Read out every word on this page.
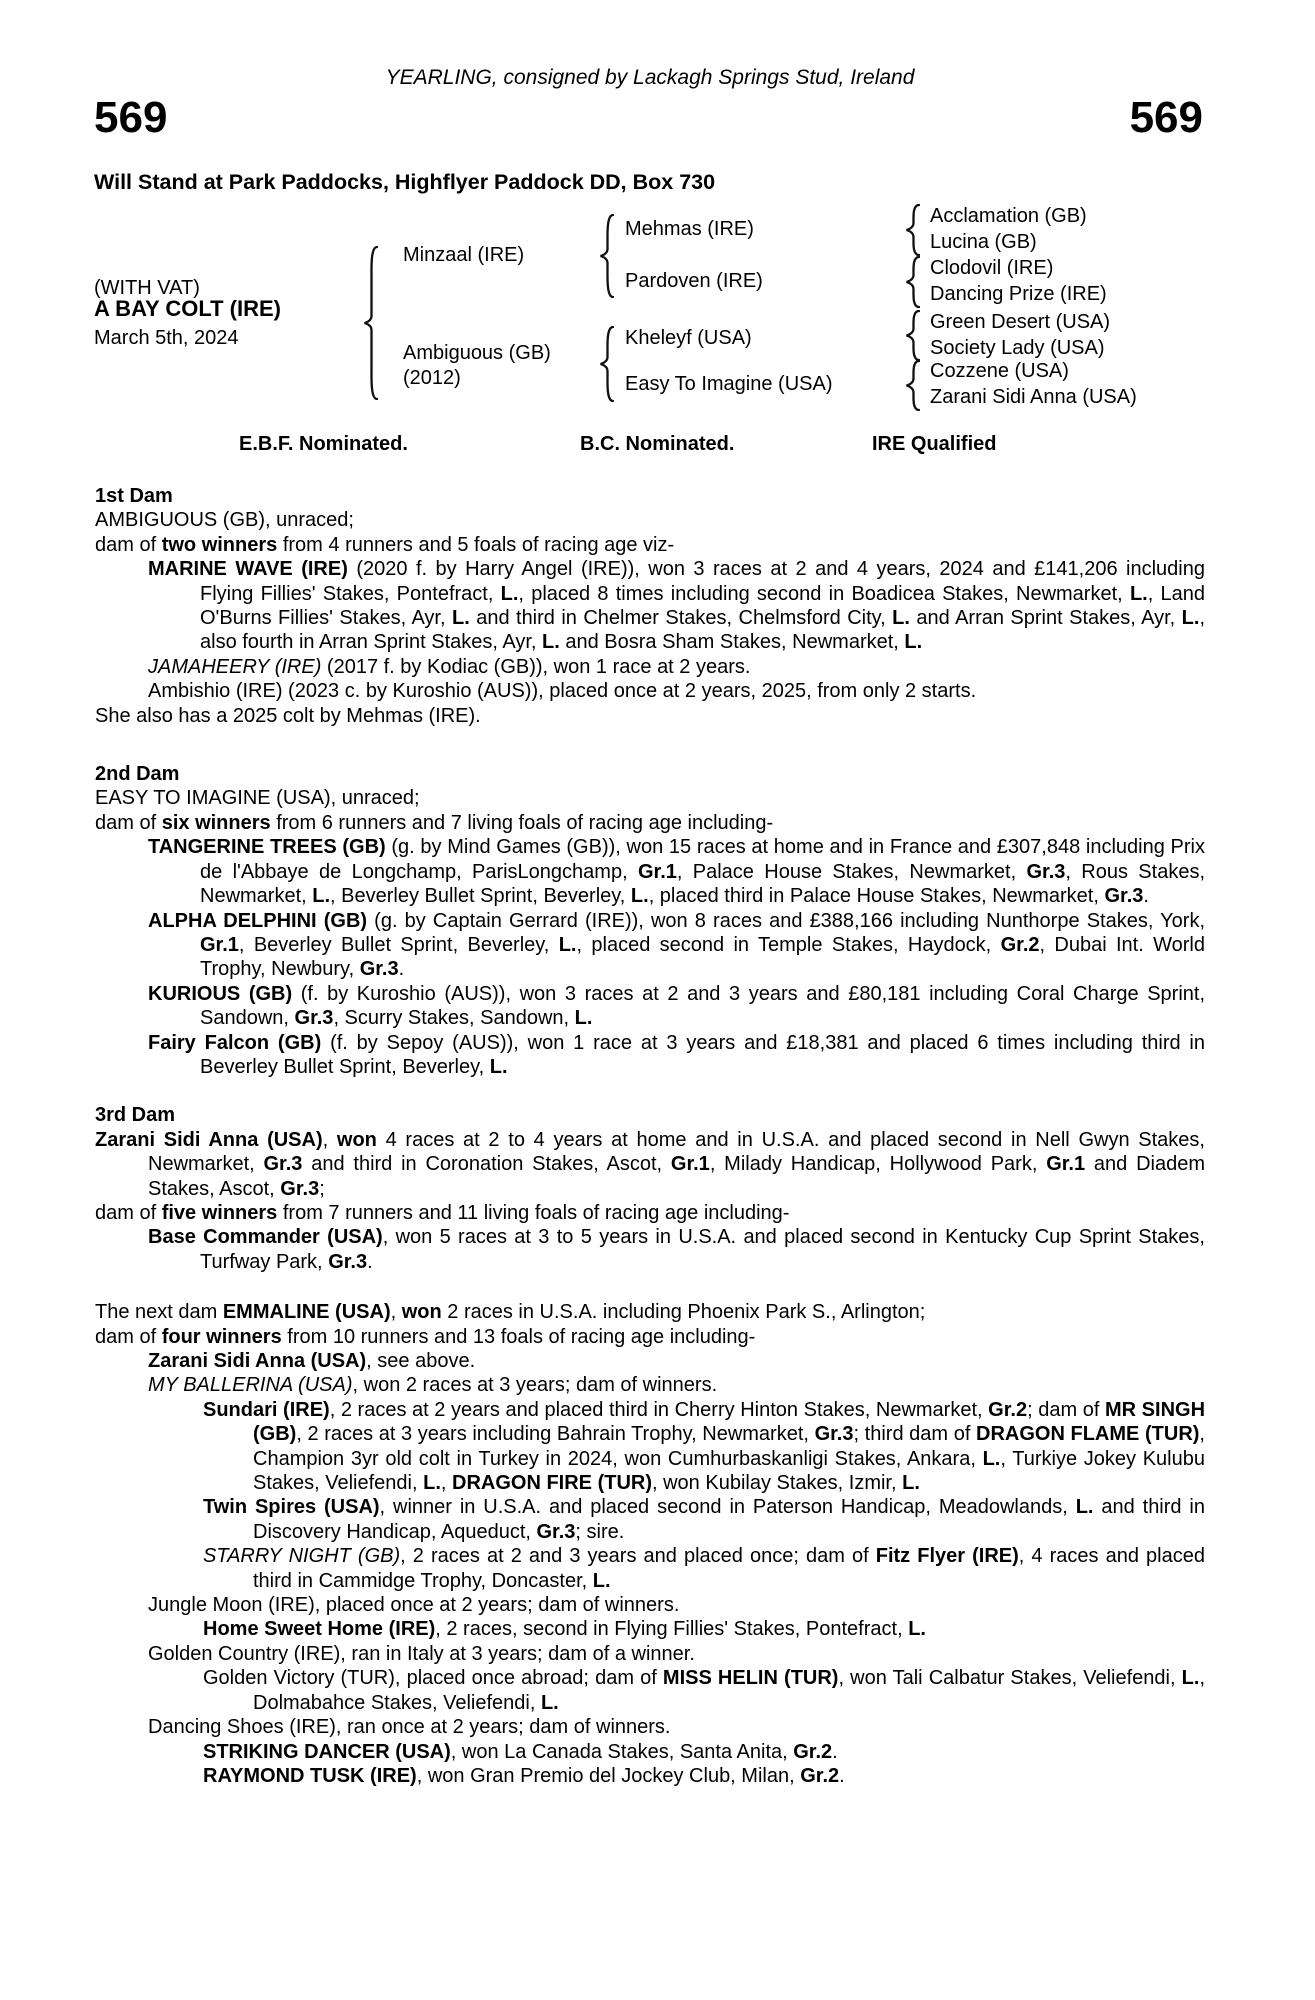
YEARLING, consigned by Lackagh Springs Stud, Ireland
569	569
Will Stand at Park Paddocks, Highflyer Paddock DD, Box 730
(WITH VAT)
A BAY COLT (IRE)
March 5th, 2024
Minzaal (IRE)
Ambiguous (GB)
(2012)
Mehmas (IRE)
Pardoven (IRE)
Kheleyf (USA)
Easy To Imagine (USA)
Acclamation (GB)
Lucina (GB)
Clodovil (IRE)
Dancing Prize (IRE)
Green Desert (USA)
Society Lady (USA)
Cozzene (USA)
Zarani Sidi Anna (USA)
E.B.F. Nominated.	B.C. Nominated.	IRE Qualified

1st Dam

AMBIGUOUS (GB), unraced;

dam of two winners from 4 runners and 5 foals of racing age viz-

MARINE WAVE (IRE) (2020 f. by Harry Angel (IRE)), won 3 races at 2 and 4 years, 2024 and £141,206 including Flying Fillies' Stakes, Pontefract, L., placed 8 times including second in Boadicea Stakes, Newmarket, L., Land O'Burns Fillies' Stakes, Ayr, L. and third in Chelmer Stakes, Chelmsford City, L. and Arran Sprint Stakes, Ayr, L., also fourth in Arran Sprint Stakes, Ayr, L. and Bosra Sham Stakes, Newmarket, L.

JAMAHEERY (IRE) (2017 f. by Kodiac (GB)), won 1 race at 2 years.

Ambishio (IRE) (2023 c. by Kuroshio (AUS)), placed once at 2 years, 2025, from only 2 starts.

She also has a 2025 colt by Mehmas (IRE).

2nd Dam

EASY TO IMAGINE (USA), unraced;

dam of six winners from 6 runners and 7 living foals of racing age including-

TANGERINE TREES (GB) (g. by Mind Games (GB)), won 15 races at home and in France and £307,848 including Prix de l'Abbaye de Longchamp, ParisLongchamp, Gr.1, Palace House Stakes, Newmarket, Gr.3, Rous Stakes, Newmarket, L., Beverley Bullet Sprint, Beverley, L., placed third in Palace House Stakes, Newmarket, Gr.3.

ALPHA DELPHINI (GB) (g. by Captain Gerrard (IRE)), won 8 races and £388,166 including Nunthorpe Stakes, York, Gr.1, Beverley Bullet Sprint, Beverley, L., placed second in Temple Stakes, Haydock, Gr.2, Dubai Int. World Trophy, Newbury, Gr.3.

KURIOUS (GB) (f. by Kuroshio (AUS)), won 3 races at 2 and 3 years and £80,181 including Coral Charge Sprint, Sandown, Gr.3, Scurry Stakes, Sandown, L.

Fairy Falcon (GB) (f. by Sepoy (AUS)), won 1 race at 3 years and £18,381 and placed 6 times including third in Beverley Bullet Sprint, Beverley, L.

3rd Dam

Zarani Sidi Anna (USA), won 4 races at 2 to 4 years at home and in U.S.A. and placed second in Nell Gwyn Stakes, Newmarket, Gr.3 and third in Coronation Stakes, Ascot, Gr.1, Milady Handicap, Hollywood Park, Gr.1 and Diadem Stakes, Ascot, Gr.3;

dam of five winners from 7 runners and 11 living foals of racing age including-

Base Commander (USA), won 5 races at 3 to 5 years in U.S.A. and placed second in Kentucky Cup Sprint Stakes, Turfway Park, Gr.3.

The next dam EMMALINE (USA), won 2 races in U.S.A. including Phoenix Park S., Arlington;

dam of four winners from 10 runners and 13 foals of racing age including-

Zarani Sidi Anna (USA), see above.

MY BALLERINA (USA), won 2 races at 3 years; dam of winners.

Sundari (IRE), 2 races at 2 years and placed third in Cherry Hinton Stakes, Newmarket, Gr.2; dam of MR SINGH (GB), 2 races at 3 years including Bahrain Trophy, Newmarket, Gr.3; third dam of DRAGON FLAME (TUR), Champion 3yr old colt in Turkey in 2024, won Cumhurbaskanligi Stakes, Ankara, L., Turkiye Jokey Kulubu Stakes, Veliefendi, L., DRAGON FIRE (TUR), won Kubilay Stakes, Izmir, L.

Twin Spires (USA), winner in U.S.A. and placed second in Paterson Handicap, Meadowlands, L. and third in Discovery Handicap, Aqueduct, Gr.3; sire.

STARRY NIGHT (GB), 2 races at 2 and 3 years and placed once; dam of Fitz Flyer (IRE), 4 races and placed third in Cammidge Trophy, Doncaster, L.

Jungle Moon (IRE), placed once at 2 years; dam of winners.

Home Sweet Home (IRE), 2 races, second in Flying Fillies' Stakes, Pontefract, L.

Golden Country (IRE), ran in Italy at 3 years; dam of a winner.

Golden Victory (TUR), placed once abroad; dam of MISS HELIN (TUR), won Tali Calbatur Stakes, Veliefendi, L., Dolmabahce Stakes, Veliefendi, L.

Dancing Shoes (IRE), ran once at 2 years; dam of winners.

STRIKING DANCER (USA), won La Canada Stakes, Santa Anita, Gr.2.

RAYMOND TUSK (IRE), won Gran Premio del Jockey Club, Milan, Gr.2.
